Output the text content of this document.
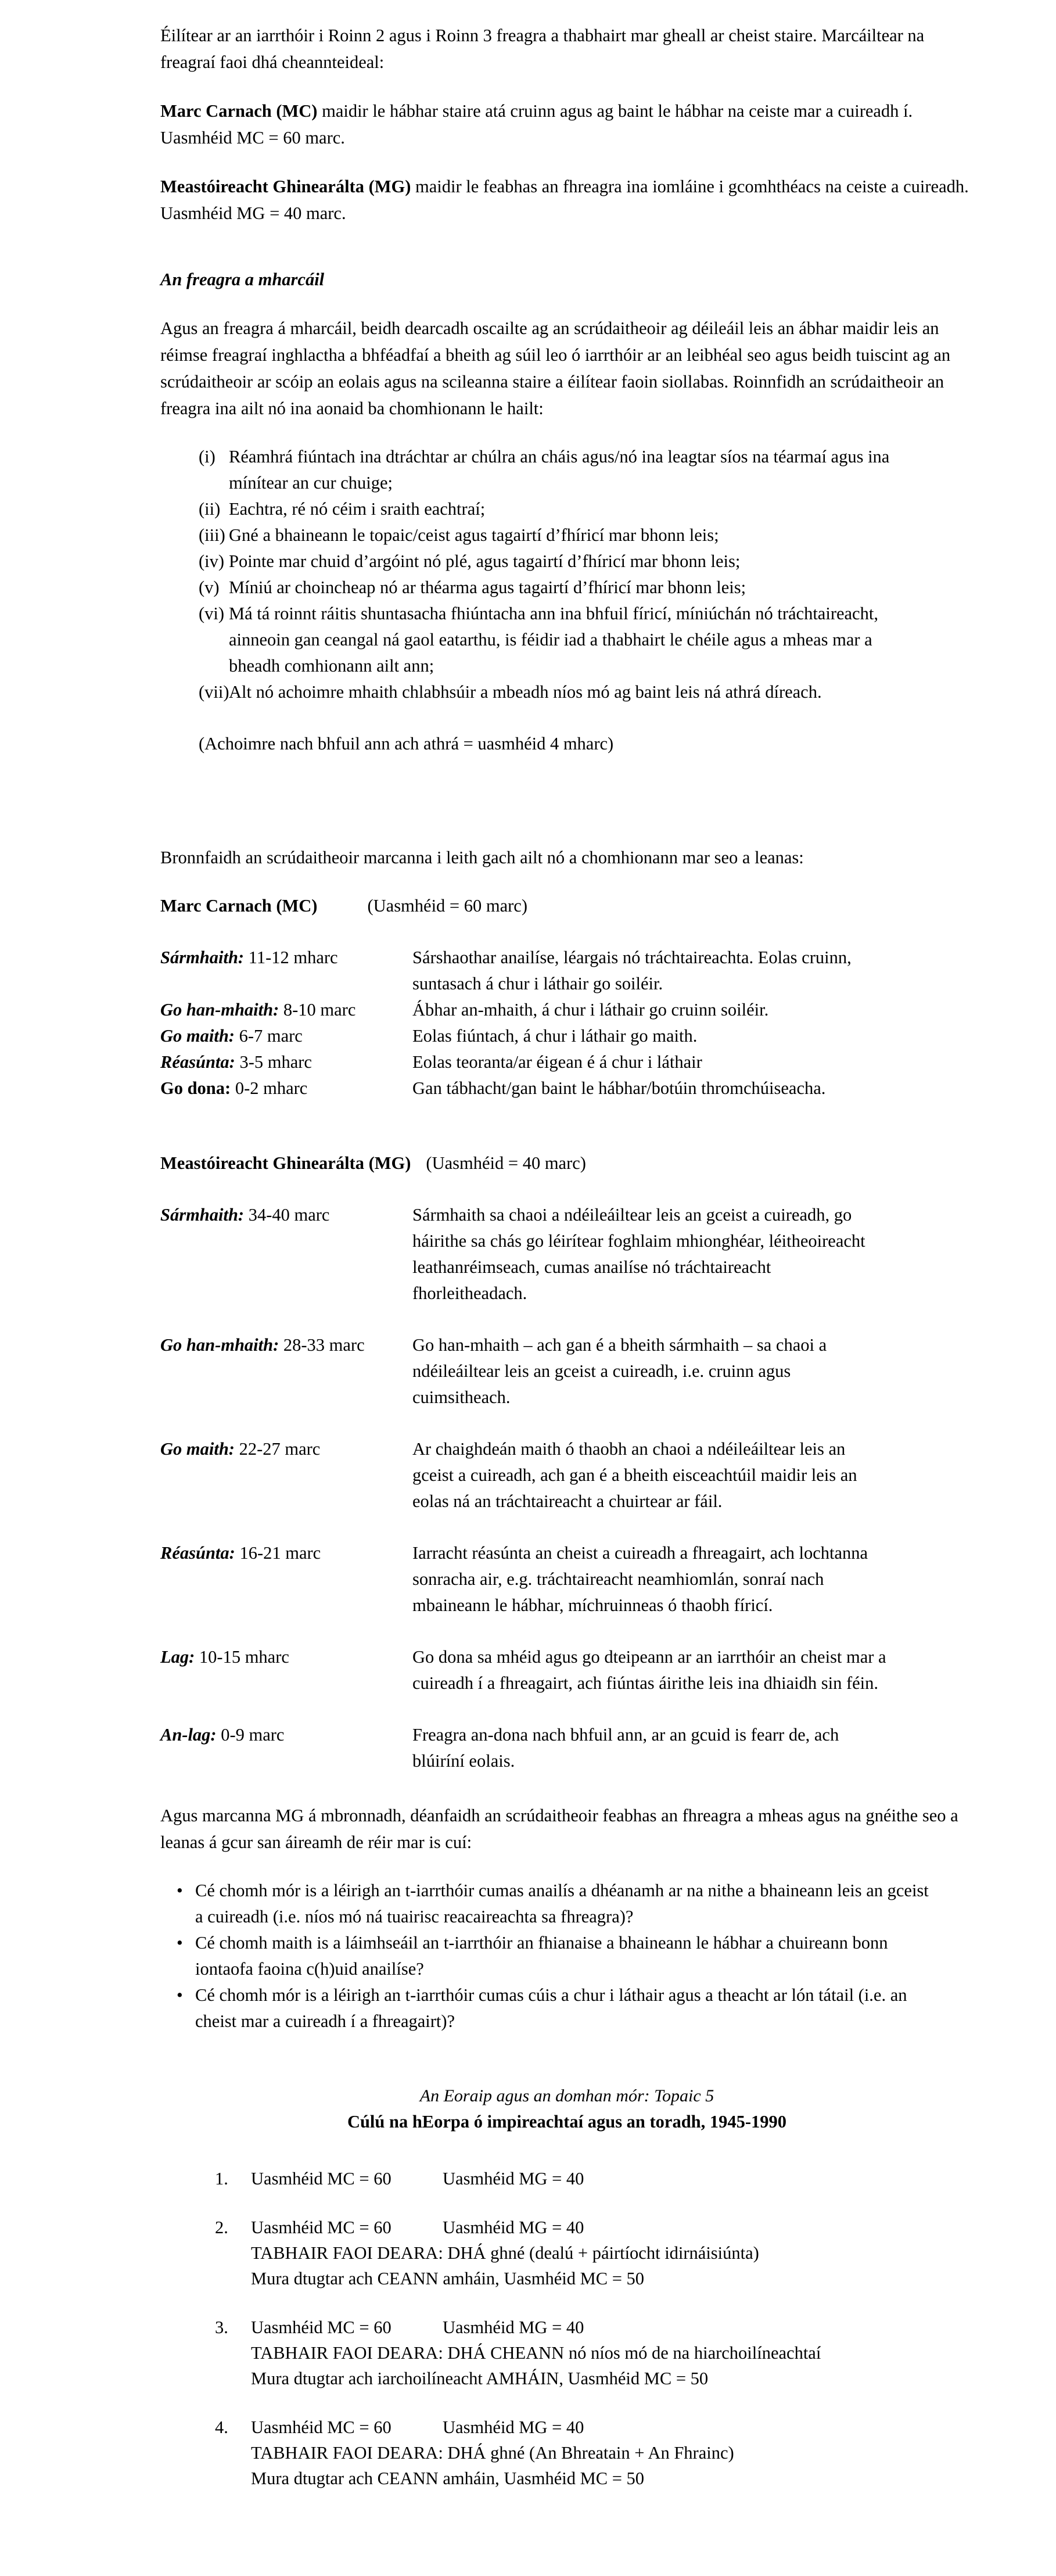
Éilítear ar an iarrthóir i Roinn 2 agus i Roinn 3 freagra a thabhairt mar gheall ar cheist staire. Marcáiltear na freagraí faoi dhá cheannteideal:

Marc Carnach (MC) maidir le hábhar staire atá cruinn agus ag baint le hábhar na ceiste mar a cuireadh í.

Uasmhéid MC = 60 marc.

Meastóireacht Ghinearálta (MG) maidir le feabhas an fhreagra ina iomláine i gcomhthéacs na ceiste a cuireadh.

Uasmhéid MG = 40 marc.

An freagra a mharcáil

Agus an freagra á mharcáil, beidh dearcadh oscailte ag an scrúdaitheoir ag déileáil leis an ábhar maidir leis an réimse freagraí inghlactha a bhféadfaí a bheith ag súil leo ó iarrthóir ar an leibhéal seo agus beidh tuiscint ag an scrúdaitheoir ar scóip an eolais agus na scileanna staire a éilítear faoin siollabas. Roinnfidh an scrúdaitheoir an freagra ina ailt nó ina aonaid ba chomhionann le hailt:

(i) Réamhrá fiúntach ina dtráchtar ar chúlra an cháis agus/nó ina leagtar síos na téarmaí agus ina mínítear an cur chuige;
(ii) Eachtra, ré nó céim i sraith eachtraí;
(iii) Gné a bhaineann le topaic/ceist agus tagairtí d’fhíricí mar bhonn leis;
(iv) Pointe mar chuid d’argóint nó plé, agus tagairtí d’fhíricí mar bhonn leis;
(v) Míniú ar choincheap nó ar théarma agus tagairtí d’fhíricí mar bhonn leis;
(vi) Má tá roinnt ráitis shuntasacha fhiúntacha ann ina bhfuil fíricí, míniúchán nó tráchtaireacht, ainneoin gan ceangal ná gaol eatarthu, is féidir iad a thabhairt le chéile agus a mheas mar a bheadh comhionann ailt ann;
(vii) Alt nó achoimre mhaith chlabhsúir a mbeadh níos mó ag baint leis ná athrá díreach.
(Achoimre nach bhfuil ann ach athrá = uasmhéid 4 mharc)

Bronnfaidh an scrúdaitheoir marcanna i leith gach ailt nó a chomhionann mar seo a leanas:

Marc Carnach (MC)	(Uasmhéid = 60 marc)
Sármhaith: 11-12 mharc	Sárshaothar anailíse, léargais nó tráchtaireachta. Eolas cruinn, suntasach á chur i láthair go soiléir.
Go han-mhaith: 8-10 marc	Ábhar an-mhaith, á chur i láthair go cruinn soiléir.
Go maith: 6-7 marc	Eolas fiúntach, á chur i láthair go maith.
Réasúnta: 3-5 mharc	Eolas teoranta/ar éigean é á chur i láthair
Go dona: 0-2 mharc	Gan tábhacht/gan baint le hábhar/botúin thromchúiseacha.
Meastóireacht Ghinearálta (MG) (Uasmhéid = 40 marc)
Sármhaith: 34-40 marc	Sármhaith sa chaoi a ndéileáiltear leis an gceist a cuireadh, go háirithe sa chás go léirítear foghlaim mhionghéar, léitheoireacht leathanréimseach, cumas anailíse nó tráchtaireacht fhorleitheadach.
Go han-mhaith: 28-33 marc	Go han-mhaith – ach gan é a bheith sármhaith – sa chaoi a ndéileáiltear leis an gceist a cuireadh, i.e. cruinn agus cuimsitheach.
Go maith: 22-27 marc	Ar chaighdeán maith ó thaobh an chaoi a ndéileáiltear leis an gceist a cuireadh, ach gan é a bheith eisceachtúil maidir leis an eolas ná an tráchtaireacht a chuirtear ar fáil.
Réasúnta: 16-21 marc	Iarracht réasúnta an cheist a cuireadh a fhreagairt, ach lochtanna sonracha air, e.g. tráchtaireacht neamhiomlán, sonraí nach mbaineann le hábhar, míchruinneas ó thaobh fíricí.
Lag: 10-15 mharc	Go dona sa mhéid agus go dteipeann ar an iarrthóir an cheist mar a cuireadh í a fhreagairt, ach fiúntas áirithe leis ina dhiaidh sin féin.
An-lag: 0-9 marc	Freagra an-dona nach bhfuil ann, ar an gcuid is fearr de, ach blúiríní eolais.

Agus marcanna MG á mbronnadh, déanfaidh an scrúdaitheoir feabhas an fhreagra a mheas agus na gnéithe seo a leanas á gcur san áireamh de réir mar is cuí:

• Cé chomh mór is a léirigh an t-iarrthóir cumas anailís a dhéanamh ar na nithe a bhaineann leis an gceist a cuireadh (i.e. níos mó ná tuairisc reacaireachta sa fhreagra)?
• Cé chomh maith is a láimhseáil an t-iarrthóir an fhianaise a bhaineann le hábhar a chuireann bonn iontaofa faoina c(h)uid anailíse?
• Cé chomh mór is a léirigh an t-iarrthóir cumas cúis a chur i láthair agus a theacht ar lón tátail (i.e. an cheist mar a cuireadh í a fhreagairt)?
An Eoraip agus an domhan mór: Topaic 5
Cúlú na hEorpa ó impireachtaí agus an toradh, 1945-1990
1.	Uasmhéid MC = 60	Uasmhéid MG = 40
2.	Uasmhéid MC = 60	Uasmhéid MG = 40
TABHAIR FAOI DEARA: DHÁ ghné (dealú + páirtíocht idirnáisiúnta)
Mura dtugtar ach CEANN amháin, Uasmhéid MC = 50
3.	Uasmhéid MC = 60	Uasmhéid MG = 40
TABHAIR FAOI DEARA: DHÁ CHEANN nó níos mó de na hiarchoilíneachtaí
Mura dtugtar ach iarchoilíneacht AMHÁIN, Uasmhéid MC = 50
4.	Uasmhéid MC = 60	Uasmhéid MG = 40
TABHAIR FAOI DEARA: DHÁ ghné (An Bhreatain + An Fhrainc)
Mura dtugtar ach CEANN amháin, Uasmhéid MC = 50
